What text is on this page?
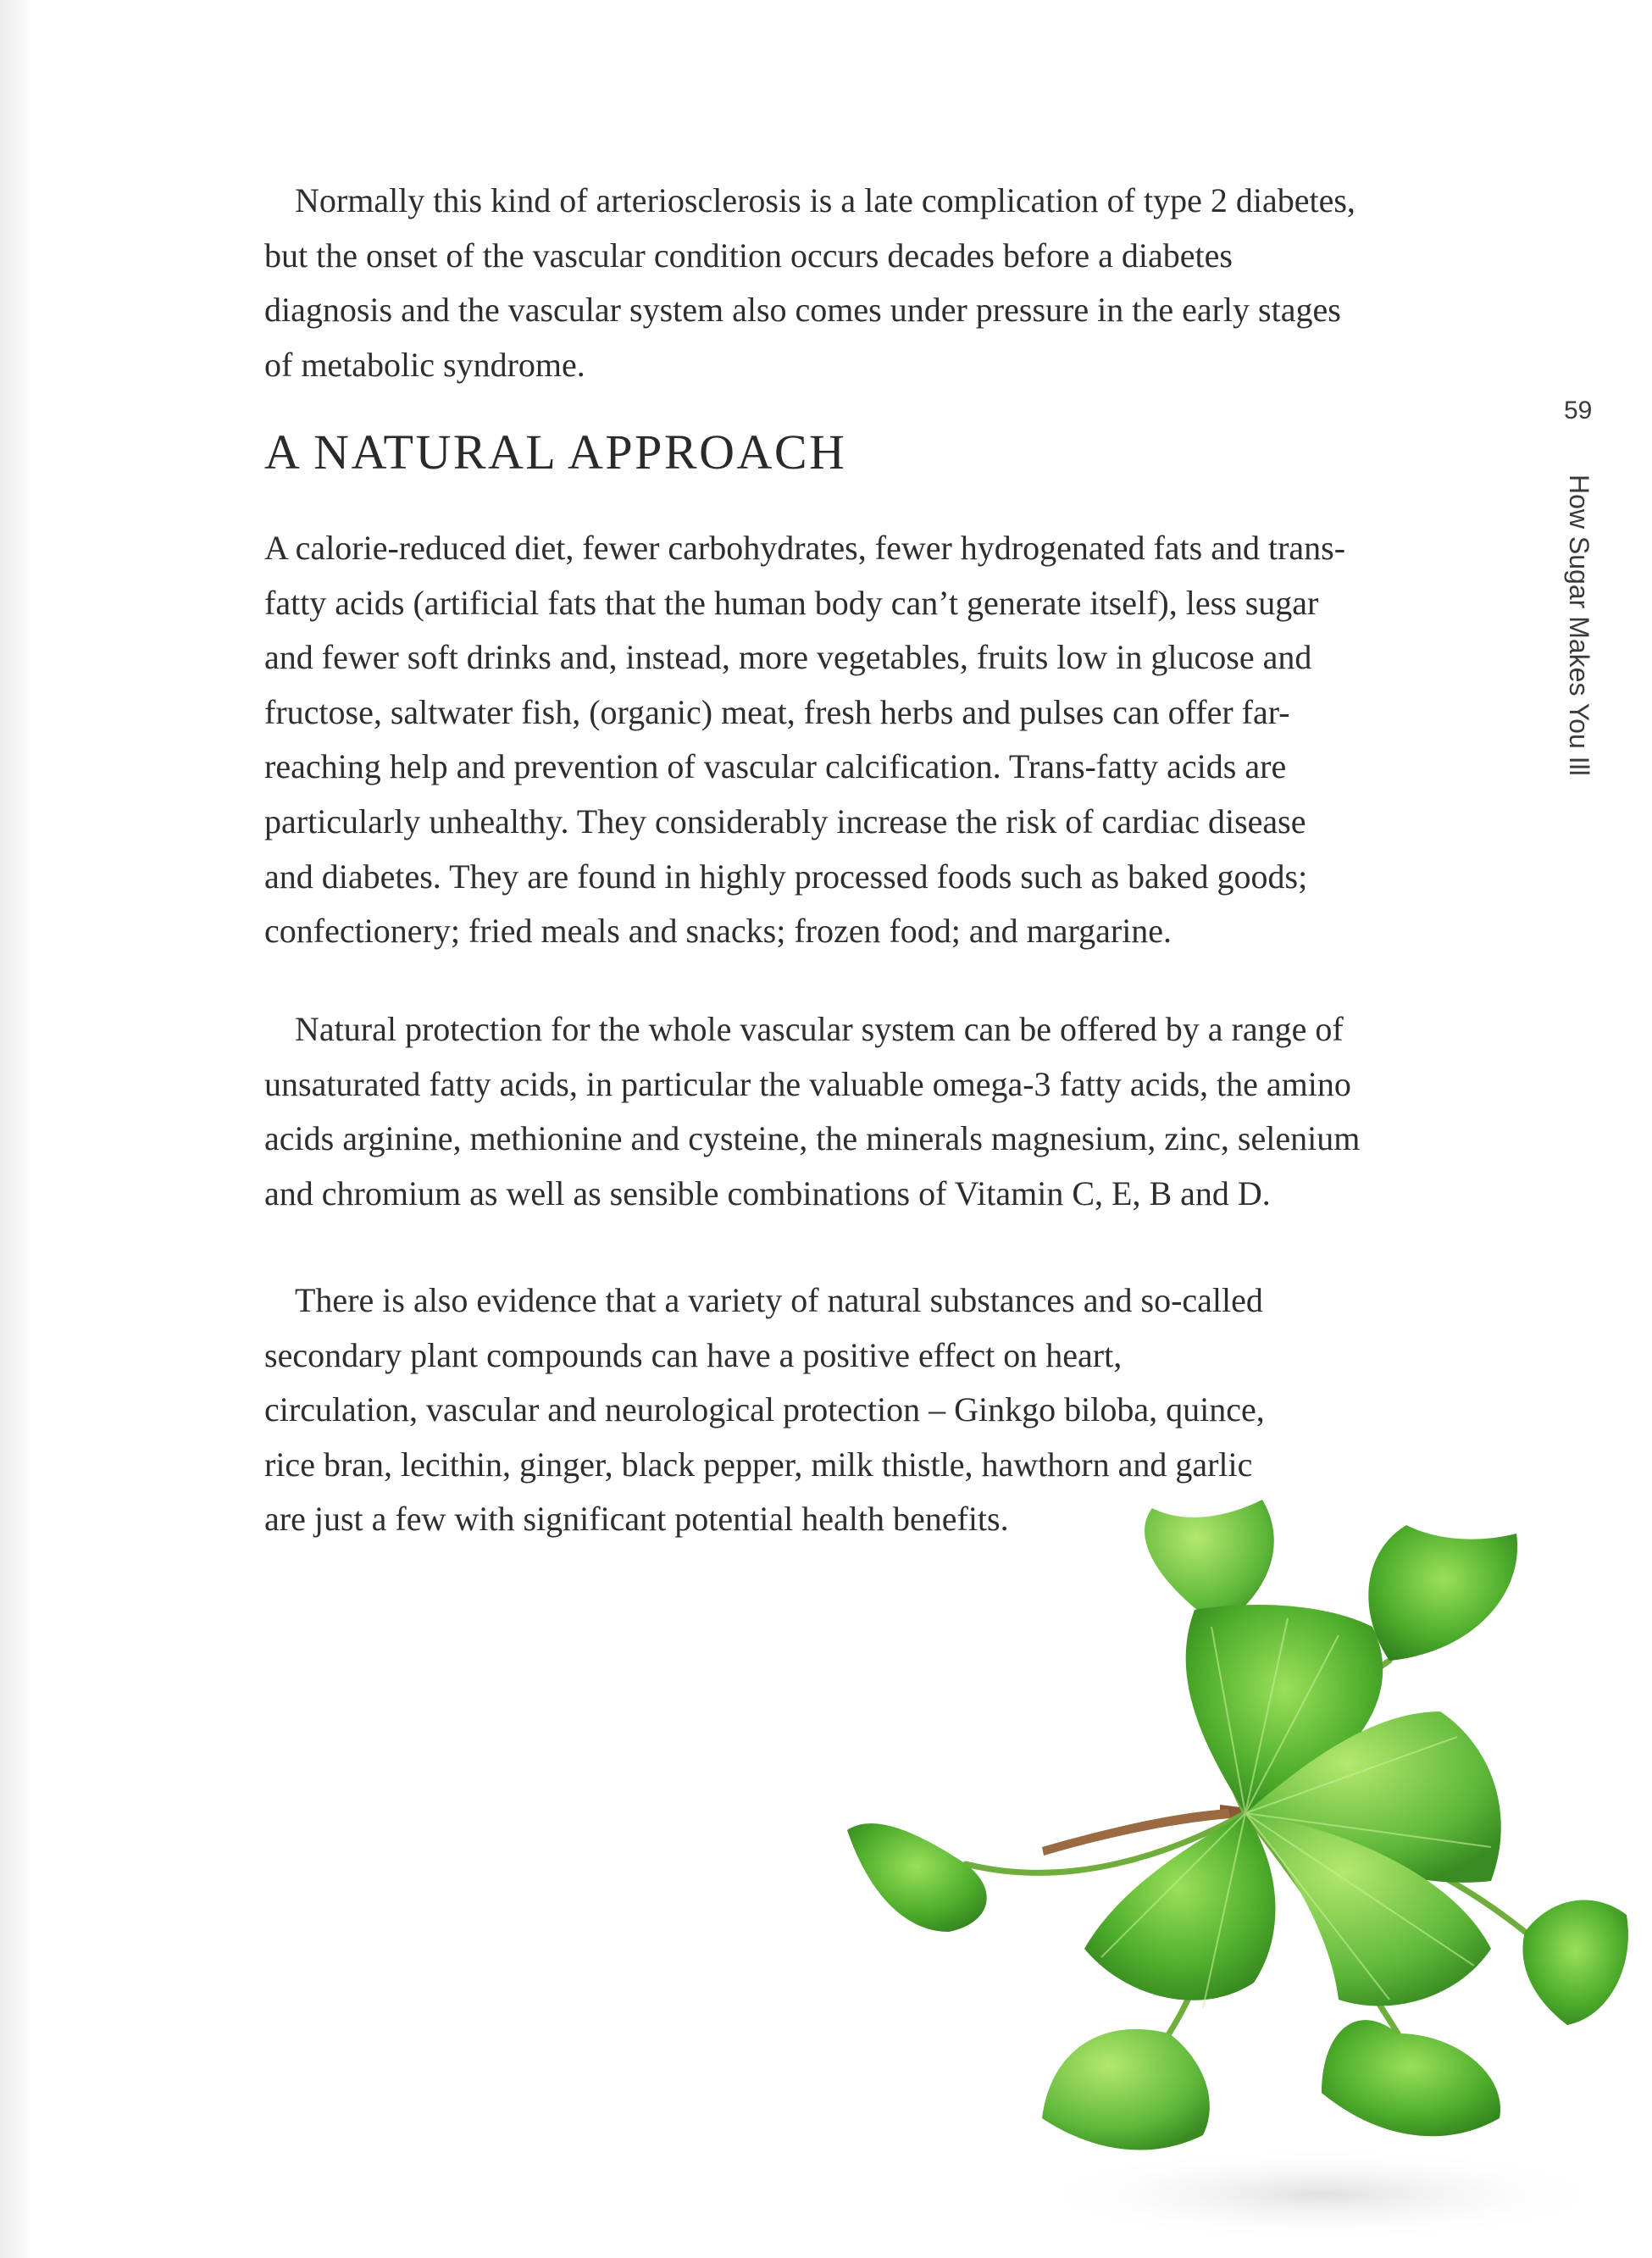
Normally this kind of arteriosclerosis is a late complication of type 2 diabetes, but the onset of the vascular condition occurs decades before a diabetes diagnosis and the vascular system also comes under pressure in the early stages of metabolic syndrome.

A NATURAL APPROACH

A calorie-reduced diet, fewer carbohydrates, fewer hydrogenated fats and trans-fatty acids (artificial fats that the human body can’t generate itself), less sugar and fewer soft drinks and, instead, more vegetables, fruits low in glucose and fructose, saltwater fish, (organic) meat, fresh herbs and pulses can offer far-reaching help and prevention of vascular calcification. Trans-fatty acids are particularly unhealthy. They considerably increase the risk of cardiac disease and diabetes. They are found in highly processed foods such as baked goods; confectionery; fried meals and snacks; frozen food; and margarine.

Natural protection for the whole vascular system can be offered by a range of unsaturated fatty acids, in particular the valuable omega-3 fatty acids, the amino acids arginine, methionine and cysteine, the minerals magnesium, zinc, selenium and chromium as well as sensible combinations of Vitamin C, E, B and D.

There is also evidence that a variety of natural substances and so-called secondary plant compounds can have a positive effect on heart, circulation, vascular and neurological protection – Ginkgo biloba, quince, rice bran, lecithin, ginger, black pepper, milk thistle, hawthorn and garlic are just a few with significant potential health benefits.

59
How Sugar Makes You Ill
